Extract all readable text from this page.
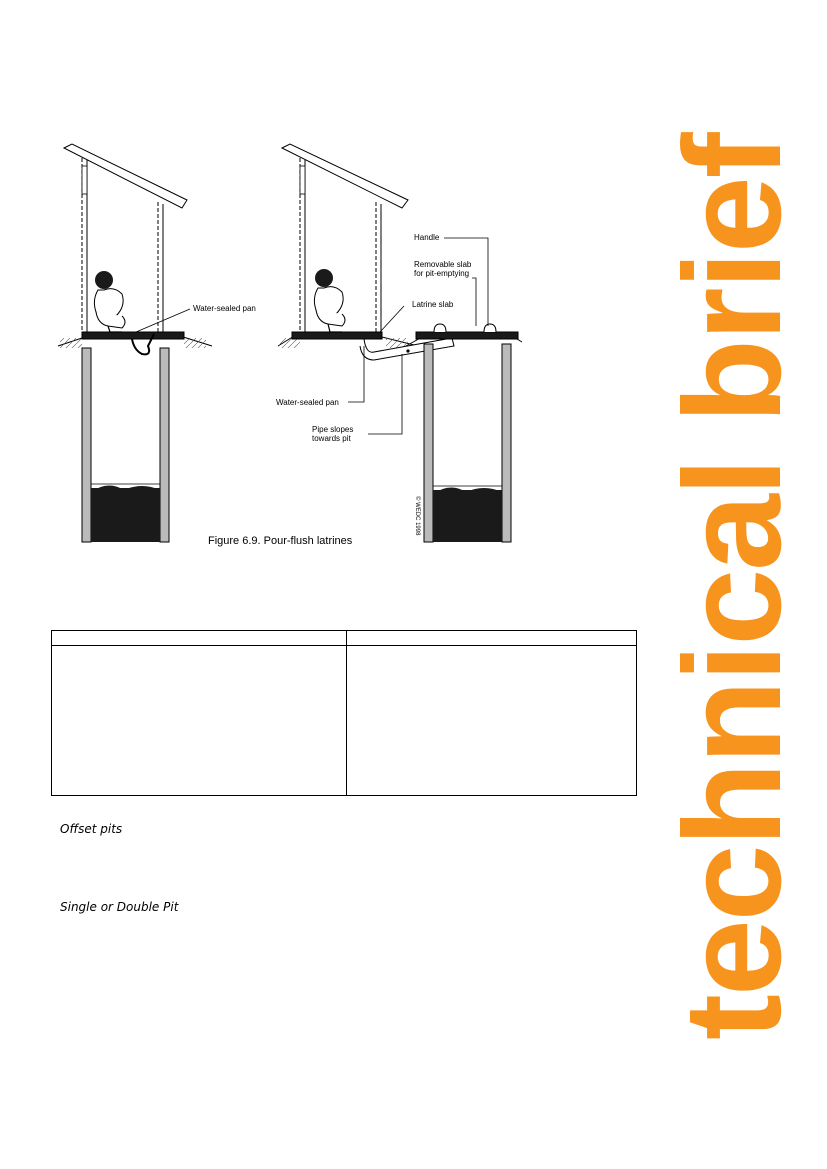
Water-sealed pan
Handle
Removable slab
for pit-emptying
Latrine slab
Water-sealed pan
Pipe slopes
towards pit
© WEDC 1998
Figure 6.9. Pour-flush latrines
Offset pits
Single or Double Pit	technical brief
